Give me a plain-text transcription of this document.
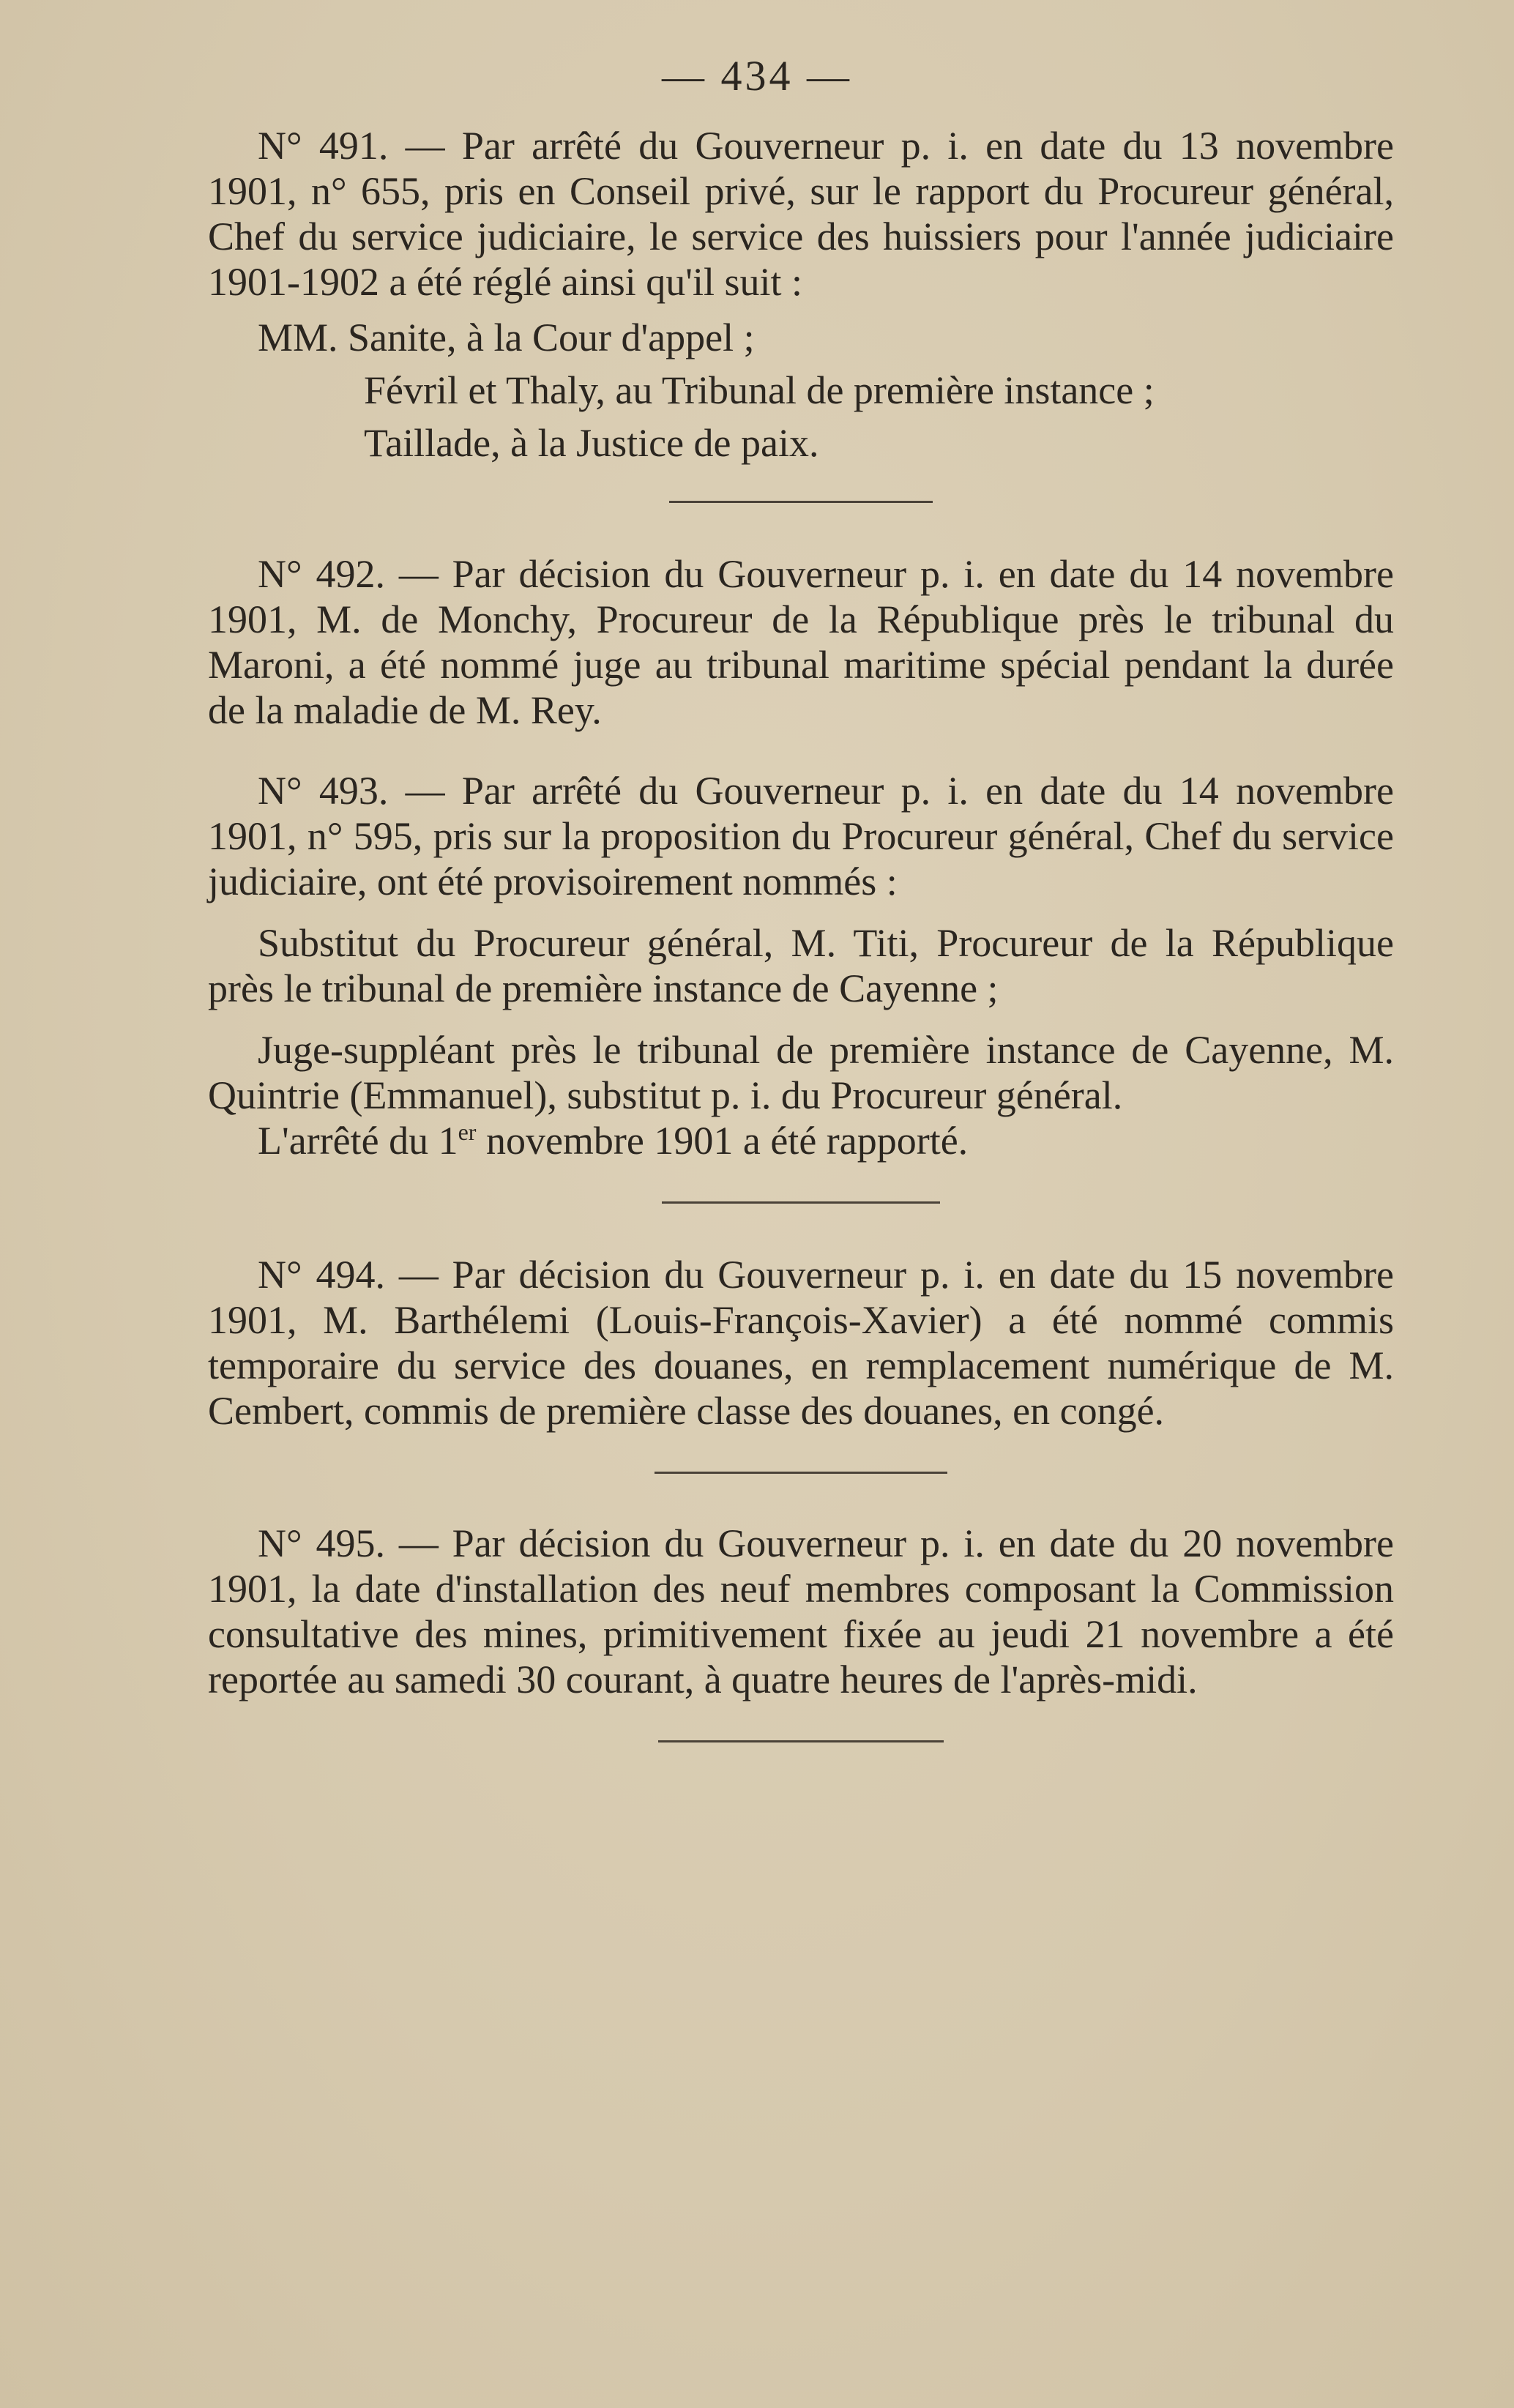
— 434 —

N° 491. — Par arrêté du Gouverneur p. i. en date du 13 novembre 1901, n° 655, pris en Conseil privé, sur le rapport du Procureur général, Chef du service judiciaire, le service des huissiers pour l'année judiciaire 1901-1902 a été réglé ainsi qu'il suit :

MM. Sanite, à la Cour d'appel ;

Févril et Thaly, au Tribunal de première instance ;

Taillade, à la Justice de paix.

N° 492. — Par décision du Gouverneur p. i. en date du 14 novembre 1901, M. de Monchy, Procureur de la République près le tribunal du Maroni, a été nommé juge au tribunal maritime spécial pendant la durée de la maladie de M. Rey.

N° 493. — Par arrêté du Gouverneur p. i. en date du 14 novembre 1901, n° 595, pris sur la proposition du Procureur général, Chef du service judiciaire, ont été provisoirement nommés :

Substitut du Procureur général, M. Titi, Procureur de la République près le tribunal de première instance de Cayenne ;

Juge-suppléant près le tribunal de première instance de Cayenne, M. Quintrie (Emmanuel), substitut p. i. du Procureur général.

L'arrêté du 1er novembre 1901 a été rapporté.

N° 494. — Par décision du Gouverneur p. i. en date du 15 novembre 1901, M. Barthélemi (Louis-François-Xavier) a été nommé commis temporaire du service des douanes, en remplacement numérique de M. Cembert, commis de première classe des douanes, en congé.

N° 495. — Par décision du Gouverneur p. i. en date du 20 novembre 1901, la date d'installation des neuf membres composant la Commission consultative des mines, primitivement fixée au jeudi 21 novembre a été reportée au samedi 30 courant, à quatre heures de l'après-midi.
